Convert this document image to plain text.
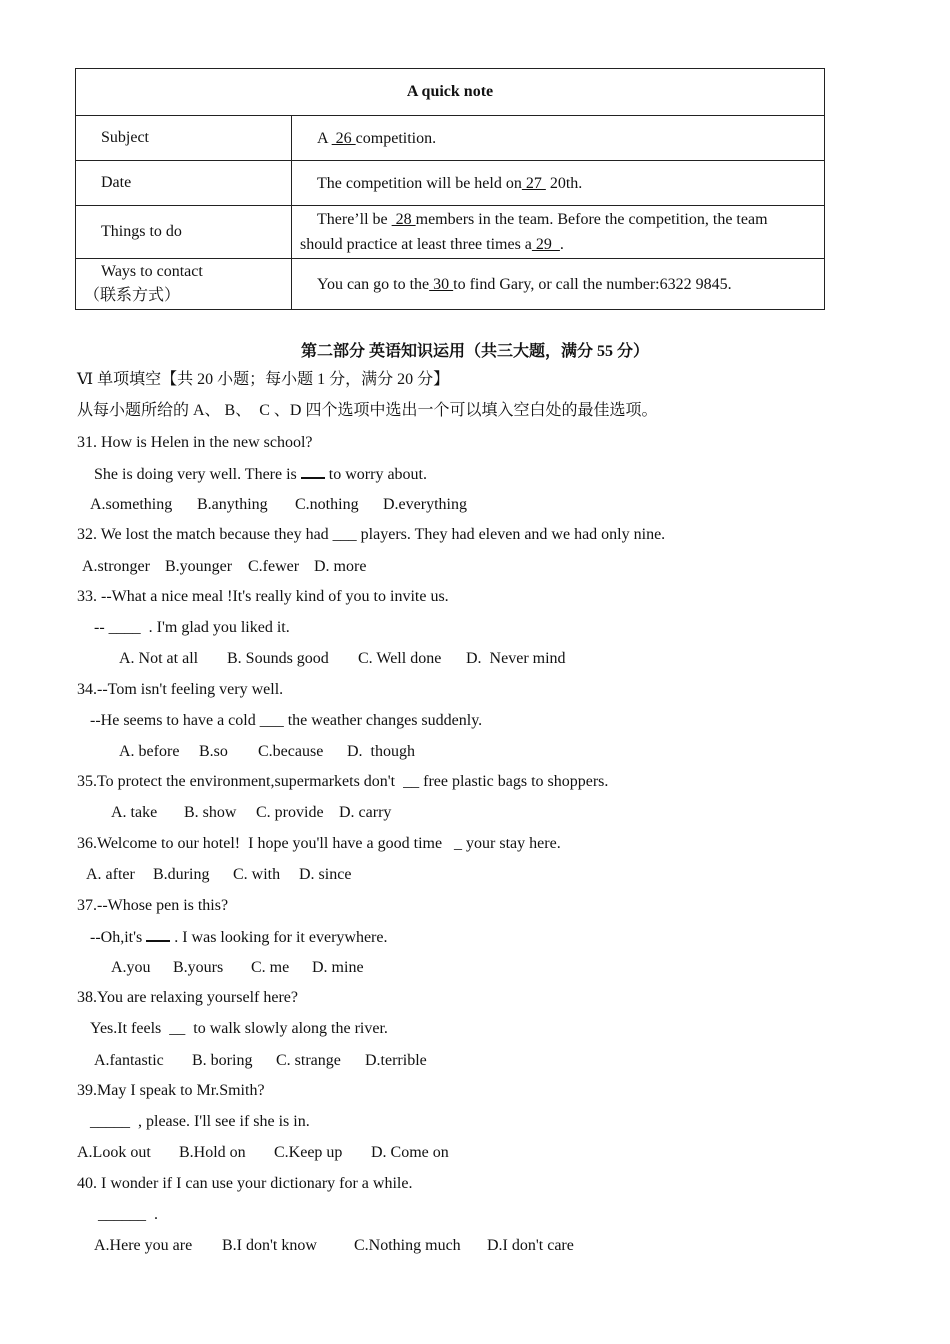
A quick note	
Subject	A  26 competition.
Date	The competition will be held on 27  20th.
Things to do	There’ll be  28 members in the team. Before the competition, the team
should practice at least three times a 29  .

Ways to contact
（联系方式）	You can go to the 30 to find Gary, or call the number:6322 9845.
第二部分 英语知识运用（共三大题，满分 55 分）
Ⅵ 单项填空【共 20 小题；每小题 1 分，满分 20 分】
从每小题所给的 A、 B、  C 、D 四个选项中选出一个可以填入空白处的最佳选项。
31. How is Helen in the new school?
She is doing very well. There is  to worry about.
A.something B.anything C.nothing D.everything
32. We lost the match because they had ___ players. They had eleven and we had only nine.
A.stronger B.younger C.fewer D. more
33. --What a nice meal !It's really kind of you to invite us.
-- ____  . I'm glad you liked it.
A. Not at all B. Sounds good C. Well done D.  Never mind
34.--Tom isn't feeling very well.
--He seems to have a cold ___ the weather changes suddenly.
A. before B.so C.because D.  though
35.To protect the environment,supermarkets don't  __ free plastic bags to shoppers.
A. take B. show C. provide D. carry
36.Welcome to our hotel!  I hope you'll have a good time   _ your stay here.
A. after B.during C. with D. since
37.--Whose pen is this?
--Oh,it's  . I was looking for it everywhere.
A.you B.yours C. me D. mine
38.You are relaxing yourself here?
Yes.It feels  __  to walk slowly along the river.
A.fantastic B. boring C. strange D.terrible
39.May I speak to Mr.Smith?
_____  , please. I'll see if she is in.
A.Look out B.Hold on C.Keep up D. Come on
40. I wonder if I can use your dictionary for a while.
______  .
A.Here you are B.I don't know C.Nothing much D.I don't care
